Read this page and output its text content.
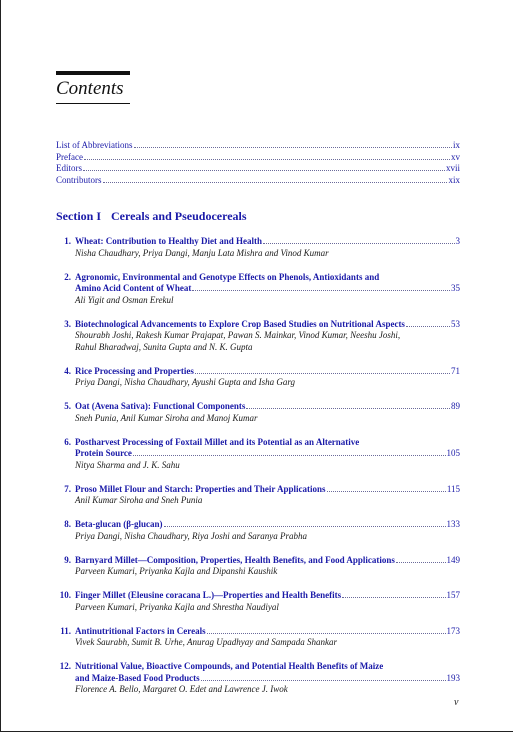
Contents
List of Abbreviations	ix
Preface	xv
Editors	xvii
Contributors	xix
Section I Cereals and Pseudocereals
1. Wheat: Contribution to Healthy Diet and Health	3
Nisha Chaudhary, Priya Dangi, Manju Lata Mishra and Vinod Kumar
2. Agronomic, Environmental and Genotype Effects on Phenols, Antioxidants and
Amino Acid Content of Wheat	35
Ali Yigit and Osman Erekul
3. Biotechnological Advancements to Explore Crop Based Studies on Nutritional Aspects	53
Shourabh Joshi, Rakesh Kumar Prajapat, Pawan S. Mainkar, Vinod Kumar, Neeshu Joshi,
Rahul Bharadwaj, Sunita Gupta and N. K. Gupta
4. Rice Processing and Properties	71
Priya Dangi, Nisha Chaudhary, Ayushi Gupta and Isha Garg
5. Oat (Avena Sativa): Functional Components	89
Sneh Punia, Anil Kumar Siroha and Manoj Kumar
6. Postharvest Processing of Foxtail Millet and its Potential as an Alternative
Protein Source	105
Nitya Sharma and J. K. Sahu
7. Proso Millet Flour and Starch: Properties and Their Applications	115
Anil Kumar Siroha and Sneh Punia
8. Beta-glucan (β-glucan)	133
Priya Dangi, Nisha Chaudhary, Riya Joshi and Saranya Prabha
9. Barnyard Millet—Composition, Properties, Health Benefits, and Food Applications	149
Parveen Kumari, Priyanka Kajla and Dipanshi Kaushik
10. Finger Millet (Eleusine coracana L.)—Properties and Health Benefits	157
Parveen Kumari, Priyanka Kajla and Shrestha Naudiyal
11. Antinutritional Factors in Cereals	173
Vivek Saurabh, Sumit B. Urhe, Anurag Upadhyay and Sampada Shankar
12. Nutritional Value, Bioactive Compounds, and Potential Health Benefits of Maize
and Maize-Based Food Products	193
Florence A. Bello, Margaret O. Edet and Lawrence J. Iwok
v
